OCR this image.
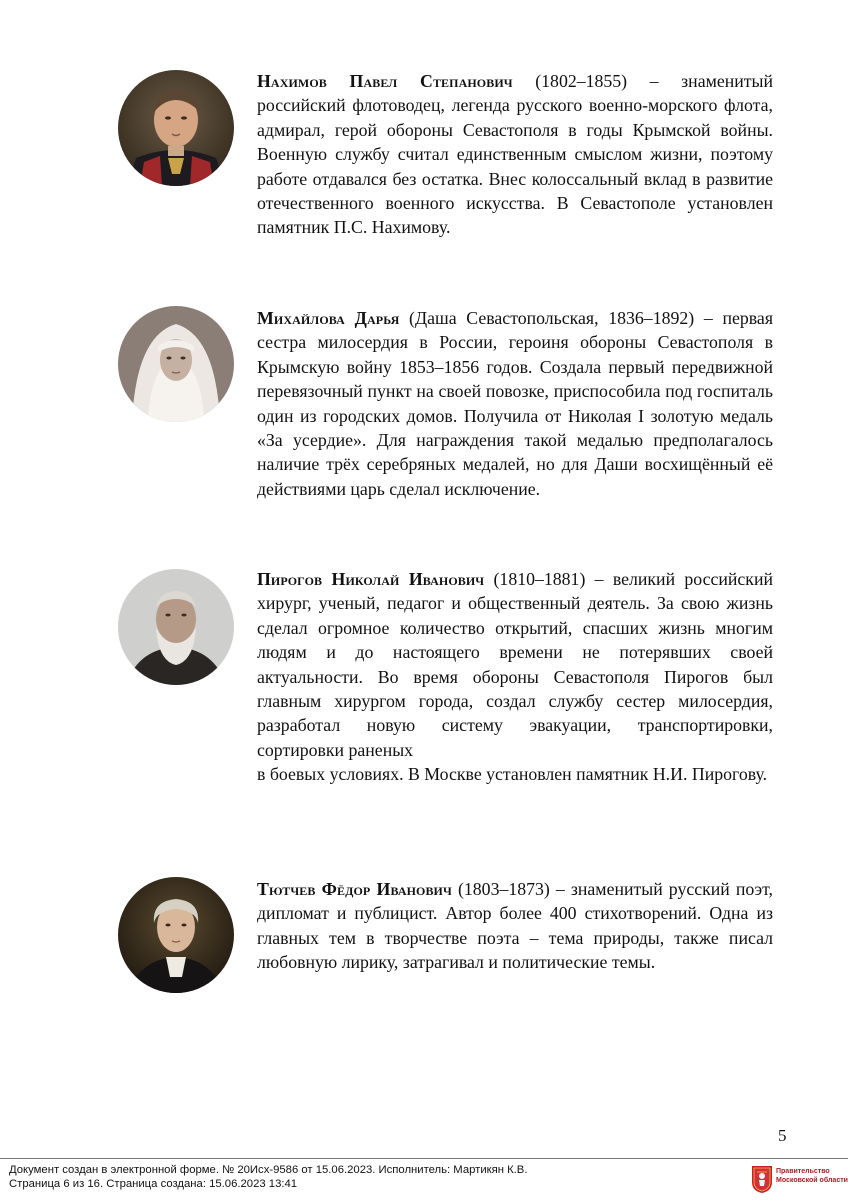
Нахимов Павел Степанович (1802–1855) – знаменитый российский флотоводец, легенда русского военно-морского флота, адмирал, герой обороны Севастополя в годы Крымской войны. Военную службу считал единственным смыслом жизни, поэтому работе отдавался без остатка. Внес колоссальный вклад в развитие отечественного военного искусства. В Севастополе установлен памятник П.С. Нахимову.

Михайлова Дарья (Даша Севастопольская, 1836–1892) – первая сестра милосердия в России, героиня обороны Севастополя в Крымскую войну 1853–1856 годов. Создала первый передвижной перевязочный пункт на своей повозке, приспособила под госпиталь один из городских домов. Получила от Николая I золотую медаль «За усердие». Для награждения такой медалью предполагалось наличие трёх серебряных медалей, но для Даши восхищённый её действиями царь сделал исключение.

Пирогов Николай Иванович (1810–1881) – великий российский хирург, ученый, педагог и общественный деятель. За свою жизнь сделал огромное количество открытий, спасших жизнь многим людям и до настоящего времени не потерявших своей актуальности. Во время обороны Севастополя Пирогов был главным хирургом города, создал службу сестер милосердия, разработал новую систему эвакуации, транспортировки, сортировки раненых
в боевых условиях. В Москве установлен памятник Н.И. Пирогову.

Тютчев Фёдор Иванович (1803–1873) – знаменитый русский поэт, дипломат и публицист. Автор более 400 стихотворений. Одна из главных тем в творчестве поэта – тема природы, также писал любовную лирику, затрагивал и политические темы.

5
Документ создан в электронной форме. № 20Исх-9586 от 15.06.2023. Исполнитель: Мартикян К.В.
Страница 6 из 16. Страница создана: 15.06.2023 13:41
Правительство Московской области
